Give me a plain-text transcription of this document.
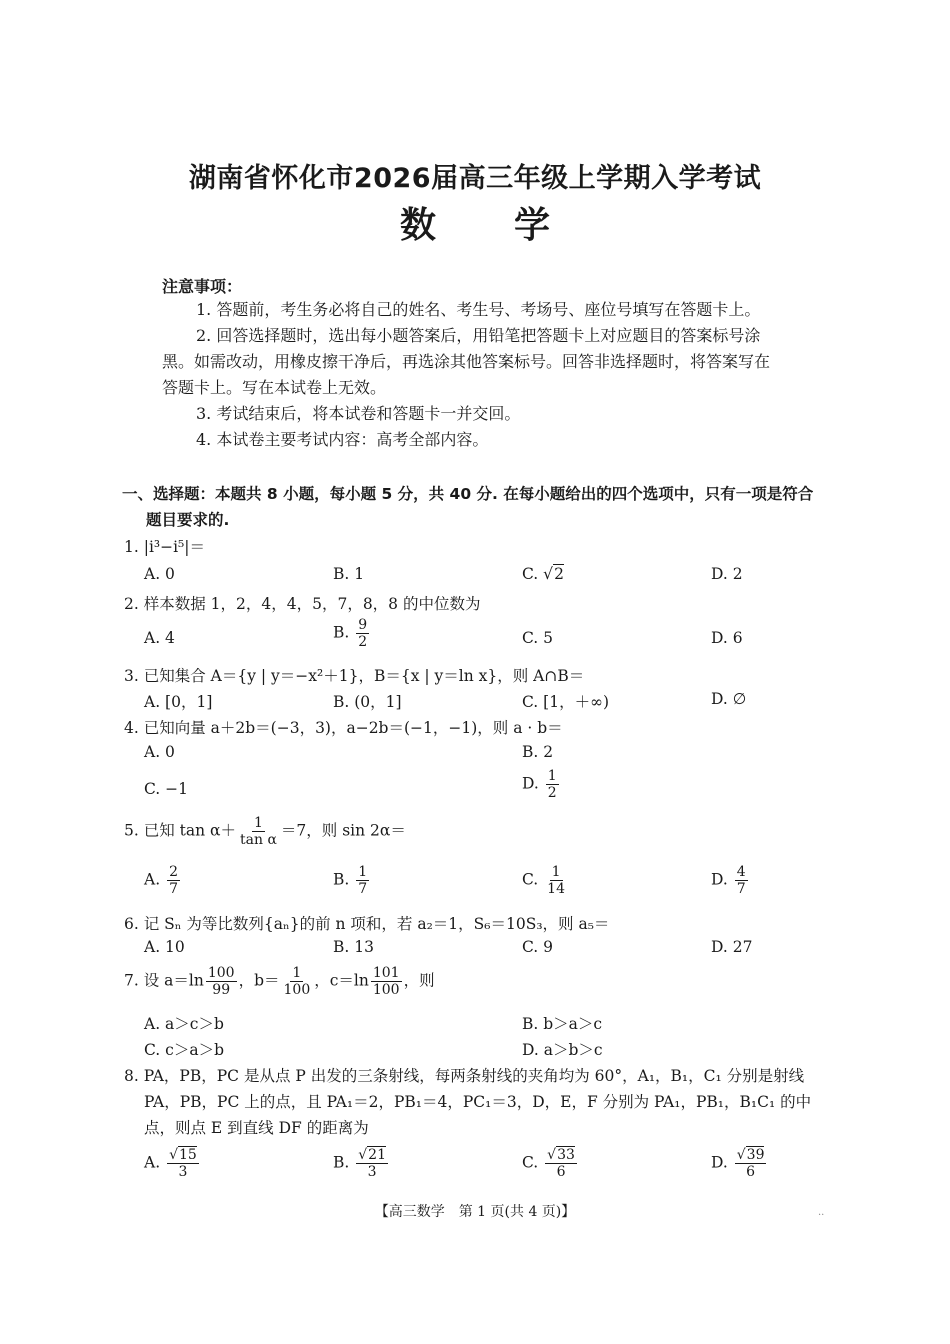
湖南省怀化市2026届高三年级上学期入学考试
数学
注意事项：
1. 答题前，考生务必将自己的姓名、考生号、考场号、座位号填写在答题卡上。
2. 回答选择题时，选出每小题答案后，用铅笔把答题卡上对应题目的答案标号涂
黑。如需改动，用橡皮擦干净后，再选涂其他答案标号。回答非选择题时，将答案写在
答题卡上。写在本试卷上无效。
3. 考试结束后，将本试卷和答题卡一并交回。
4. 本试卷主要考试内容：高考全部内容。
一、选择题：本题共 8 小题，每小题 5 分，共 40 分. 在每小题给出的四个选项中，只有一项是符合
题目要求的.
1. |i³−i⁵|＝
A. 0	B. 1	C. √2	D. 2
2. 样本数据 1，2，4，4，5，7，8，8 的中位数为
A. 4	B. $\frac{9}{2}$	C. 5	D. 6
3. 已知集合 A＝{y | y＝−x²＋1}，B＝{x | y＝ln x}，则 A∩B＝
A. [0，1]	B. (0，1]	C. [1，＋∞)	D. ∅
4. 已知向量 a＋2b＝(−3，3)，a−2b＝(−1，−1)，则 a · b＝
A. 0	B. 2
C. −1	D. $\frac{1}{2}$
5. 已知 $\tan \alpha+ \frac{1}{\text{tan α}} =7$，则 sin 2α＝
A. $\frac{2}{7}$	B. $\frac{1}{7}$	C. $\frac{1}{14}$	D. $\frac{4}{7}$
6. 记 Sₙ 为等比数列{aₙ}的前 n 项和，若 a₂＝1，S₆＝10S₃，则 a₅＝
A. 10	B. 13	C. 9	D. 27
7. 设 $a=\ln \frac{100}{99}$ ，$b= \frac{1}{100}$ ，$c=\ln \frac{101}{100}$ ，则
A. a＞c＞b	B. b＞a＞c
C. c＞a＞b	D. a＞b＞c
8. PA，PB，PC 是从点 P 出发的三条射线，每两条射线的夹角均为 60°，A₁，B₁，C₁ 分别是射线
PA，PB，PC 上的点，且 PA₁＝2，PB₁＝4，PC₁＝3，D，E，F 分别为 PA₁，PB₁，B₁C₁ 的中
点，则点 E 到直线 DF 的距离为
A. $\frac{√15}{3}$	B. $\frac{√21}{3}$	C. $\frac{√33}{6}$	D. $\frac{√39}{6}$
【高三数学　第 1 页(共 4 页)】	..
